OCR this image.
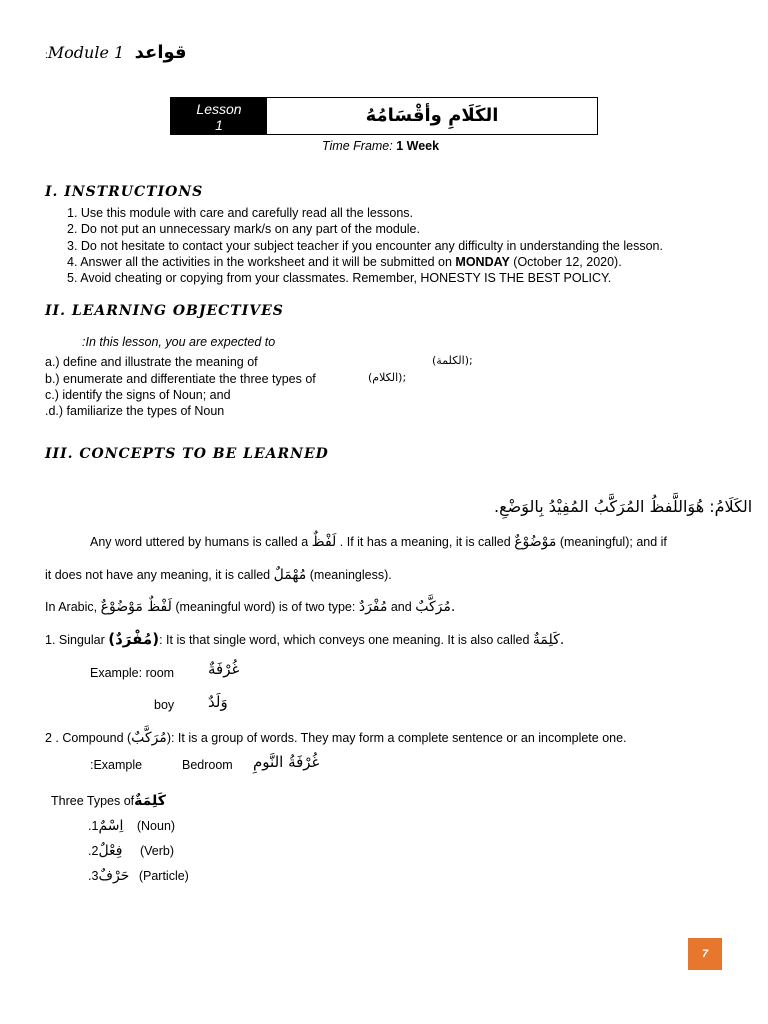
:Module 1 قواعد
Lesson
1	الكَلَامِ وأقْسَامُهُ
Time Frame: 1 Week
I. INSTRUCTIONS
1. Use this module with care and carefully read all the lessons.
2. Do not put an unnecessary mark/s on any part of the module.
3. Do not hesitate to contact your subject teacher if you encounter any difficulty in understanding the lesson.
4. Answer all the activities in the worksheet and it will be submitted on MONDAY (October 12, 2020).
5. Avoid cheating or copying from your classmates. Remember, HONESTY IS THE BEST POLICY.
II. LEARNING OBJECTIVES
:In this lesson, you are expected to
a.) define and illustrate the meaning of	(الكلمة);
b.) enumerate and differentiate the three types of	(الكلام);
c.) identify the signs of Noun; and
.d.) familiarize the types of Noun
III. CONCEPTS TO BE LEARNED
الكَلَامُ: هُوَاللَّفظُ المُرَكَّبُ المُفِيْدُ بِالوَضْعِ.
Any word uttered by humans is called a لَفْظٌ . If it has a meaning, it is called مَوْضُوْعٌ (meaningful); and if
it does not have any meaning, it is called مُهْمَلٌ (meaningless).
In Arabic, لَفْظٌ مَوْضُوْعٌ (meaningful word) is of two type: مُفْرَدٌ and مُرَكَّبٌ.
1. Singular (مُفْرَدٌ): It is that single word, which conveys one meaning. It is also called كَلِمَةٌ.
Example: room غُرْفَةٌ
boy وَلَدٌ
2 . Compound (مُرَكَّبٌ): It is a group of words. They may form a complete sentence or an incomplete one.
:Example	Bedroom غُرْفَةُ النَّومِ
Three Types ofكَلِمَةٌ
.1اِسْمٌ (Noun)
.2فِعْلٌ (Verb)
.3حَرْفٌ (Particle)
7
